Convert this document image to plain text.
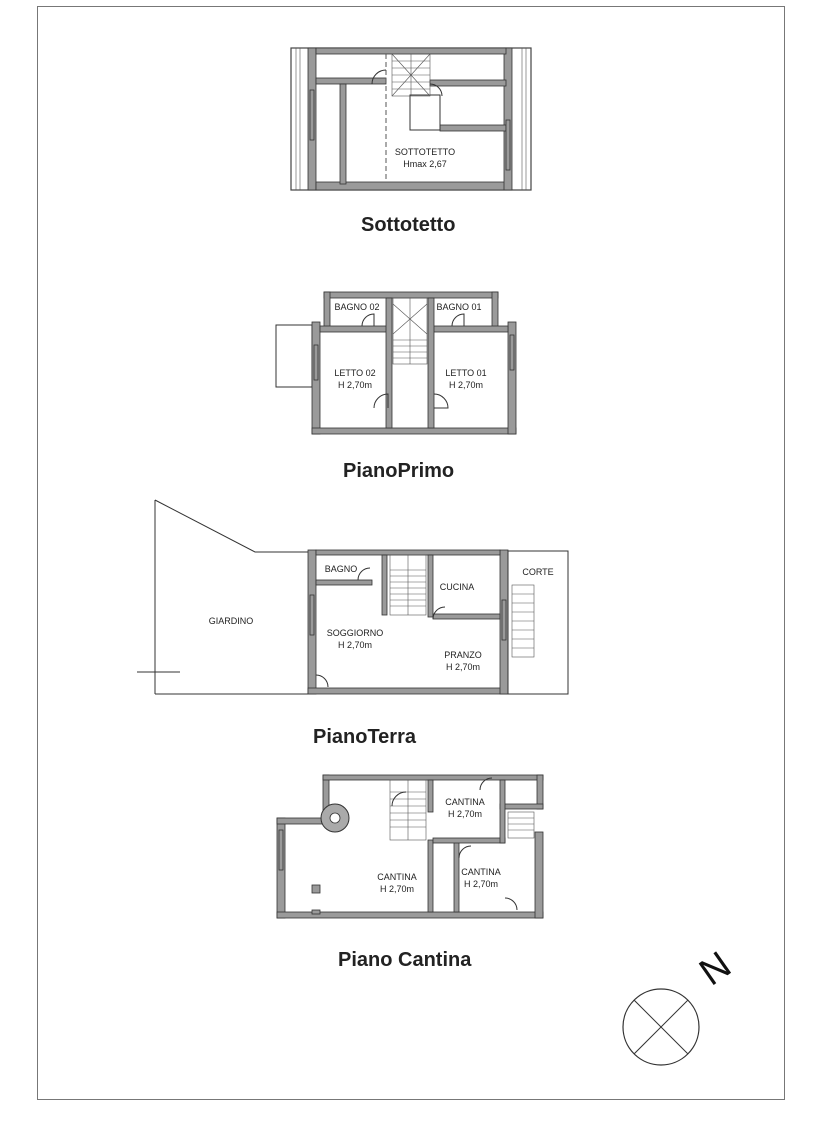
SOTTOTETTO
Hmax 2,67
BAGNO 02	BAGNO 01
LETTO 02
H 2,70m
LETTO 01
H 2,70m
GIARDINO
BAGNO
CUCINA
CORTE
SOGGIORNO
H 2,70m
PRANZO
H 2,70m
CANTINA
H 2,70m
CANTINA
H 2,70m
CANTINA
H 2,70m
Sottotetto
PianoPrimo
PianoTerra
Piano Cantina	N
